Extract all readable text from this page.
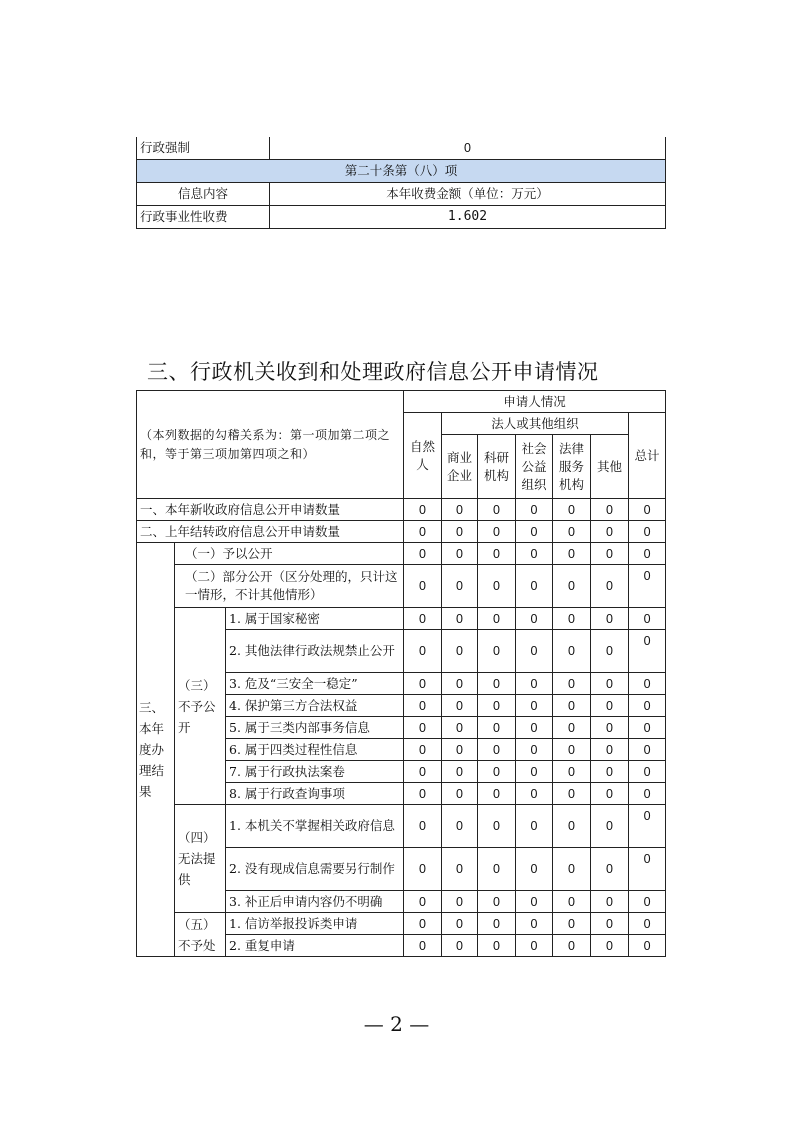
行政强制	0
第二十条第（八）项	
信息内容	本年收费金额（单位：万元）
行政事业性收费	1.602
三、行政机关收到和处理政府信息公开申请情况
（本列数据的勾稽关系为：第一项加第二项之和，等于第三项加第四项之和）			申请人情况						
			自然人	法人或其他组织					总计
				商业企业	科研机构	社会公益组织	法律服务机构	其他	
一、本年新收政府信息公开申请数量			0	0	0	0	0	0	0
二、上年结转政府信息公开申请数量			0	0	0	0	0	0	0
三、本年度办理结果	（一）予以公开		0	0	0	0	0	0	0
	（二）部分公开（区分处理的，只计这一情形，不计其他情形）		0	0	0	0	0	0	0
	（三）不予公开	1. 属于国家秘密	0	0	0	0	0	0	0
		2. 其他法律行政法规禁止公开	0	0	0	0	0	0	0
		3. 危及“三安全一稳定”	0	0	0	0	0	0	0
		4. 保护第三方合法权益	0	0	0	0	0	0	0
		5. 属于三类内部事务信息	0	0	0	0	0	0	0
		6. 属于四类过程性信息	0	0	0	0	0	0	0
		7. 属于行政执法案卷	0	0	0	0	0	0	0
		8. 属于行政查询事项	0	0	0	0	0	0	0
	（四）无法提供	1. 本机关不掌握相关政府信息	0	0	0	0	0	0	0
		2. 没有现成信息需要另行制作	0	0	0	0	0	0	0
		3. 补正后申请内容仍不明确	0	0	0	0	0	0	0
	（五）不予处	1. 信访举报投诉类申请	0	0	0	0	0	0	0
		2. 重复申请	0	0	0	0	0	0	0
— 2 —
